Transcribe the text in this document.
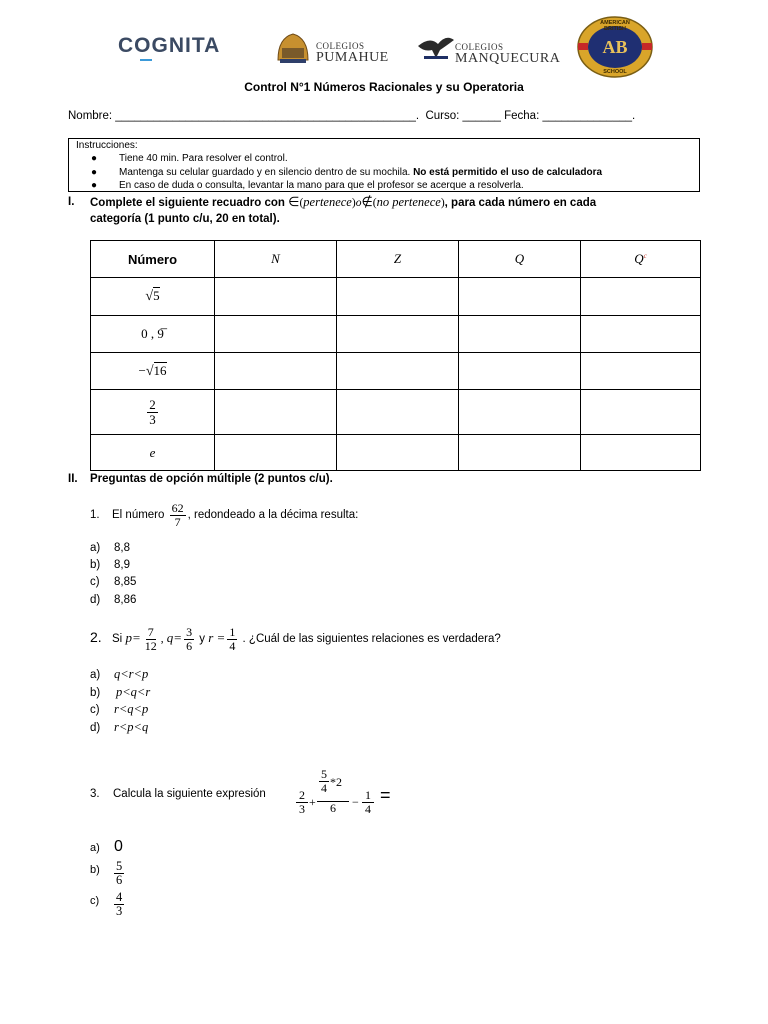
COGNITA	COLEGIOS
PUMAHUE
COLEGIOS
MANQUECURA
AMERICAN BRITISH
AB
SCHOOL
Control N°1 Números Racionales y su Operatoria
Nombre: _______________________________________________.  Curso: ______ Fecha: ______________.
Instrucciones:
● Tiene 40 min. Para resolver el control.
● Mantenga su celular guardado y en silencio dentro de su mochila. No está permitido el uso de calculadora
● En caso de duda o consulta, levantar la mano para que el profesor se acerque a resolverla.
I. Complete el siguiente recuadro con ∈(pertenece)o∉(no pertenece), para cada número en cada
categoría (1 punto c/u, 20 en total).
Número	N	Z	Q	$Q^c$
√5				
0 , 9				
−√16				

$\frac{2}{3}$

e				
II. Preguntas de opción múltiple (2 puntos c/u).
1. El número $\frac{62}{7}$ , redondeado a la décima resulta:
a) 8,8
b) 8,9
c) 8,85
d) 8,86
2. Si $p= \frac{7}{12}$ , $q= \frac{3}{6}$ y $r = \frac{1}{4}$ . ¿Cuál de las siguientes relaciones es verdadera?
a) q<r<p
b) p<q<r
c) r<q<p
d) r<p<q
3. Calcula la siguiente expresión	$\frac{2}{3} + \frac{\frac{5}{4} *2}{6} - \frac{1}{4}$ =
a) 0
$b) \frac{5}{6}$
$c) \frac{4}{3}$
